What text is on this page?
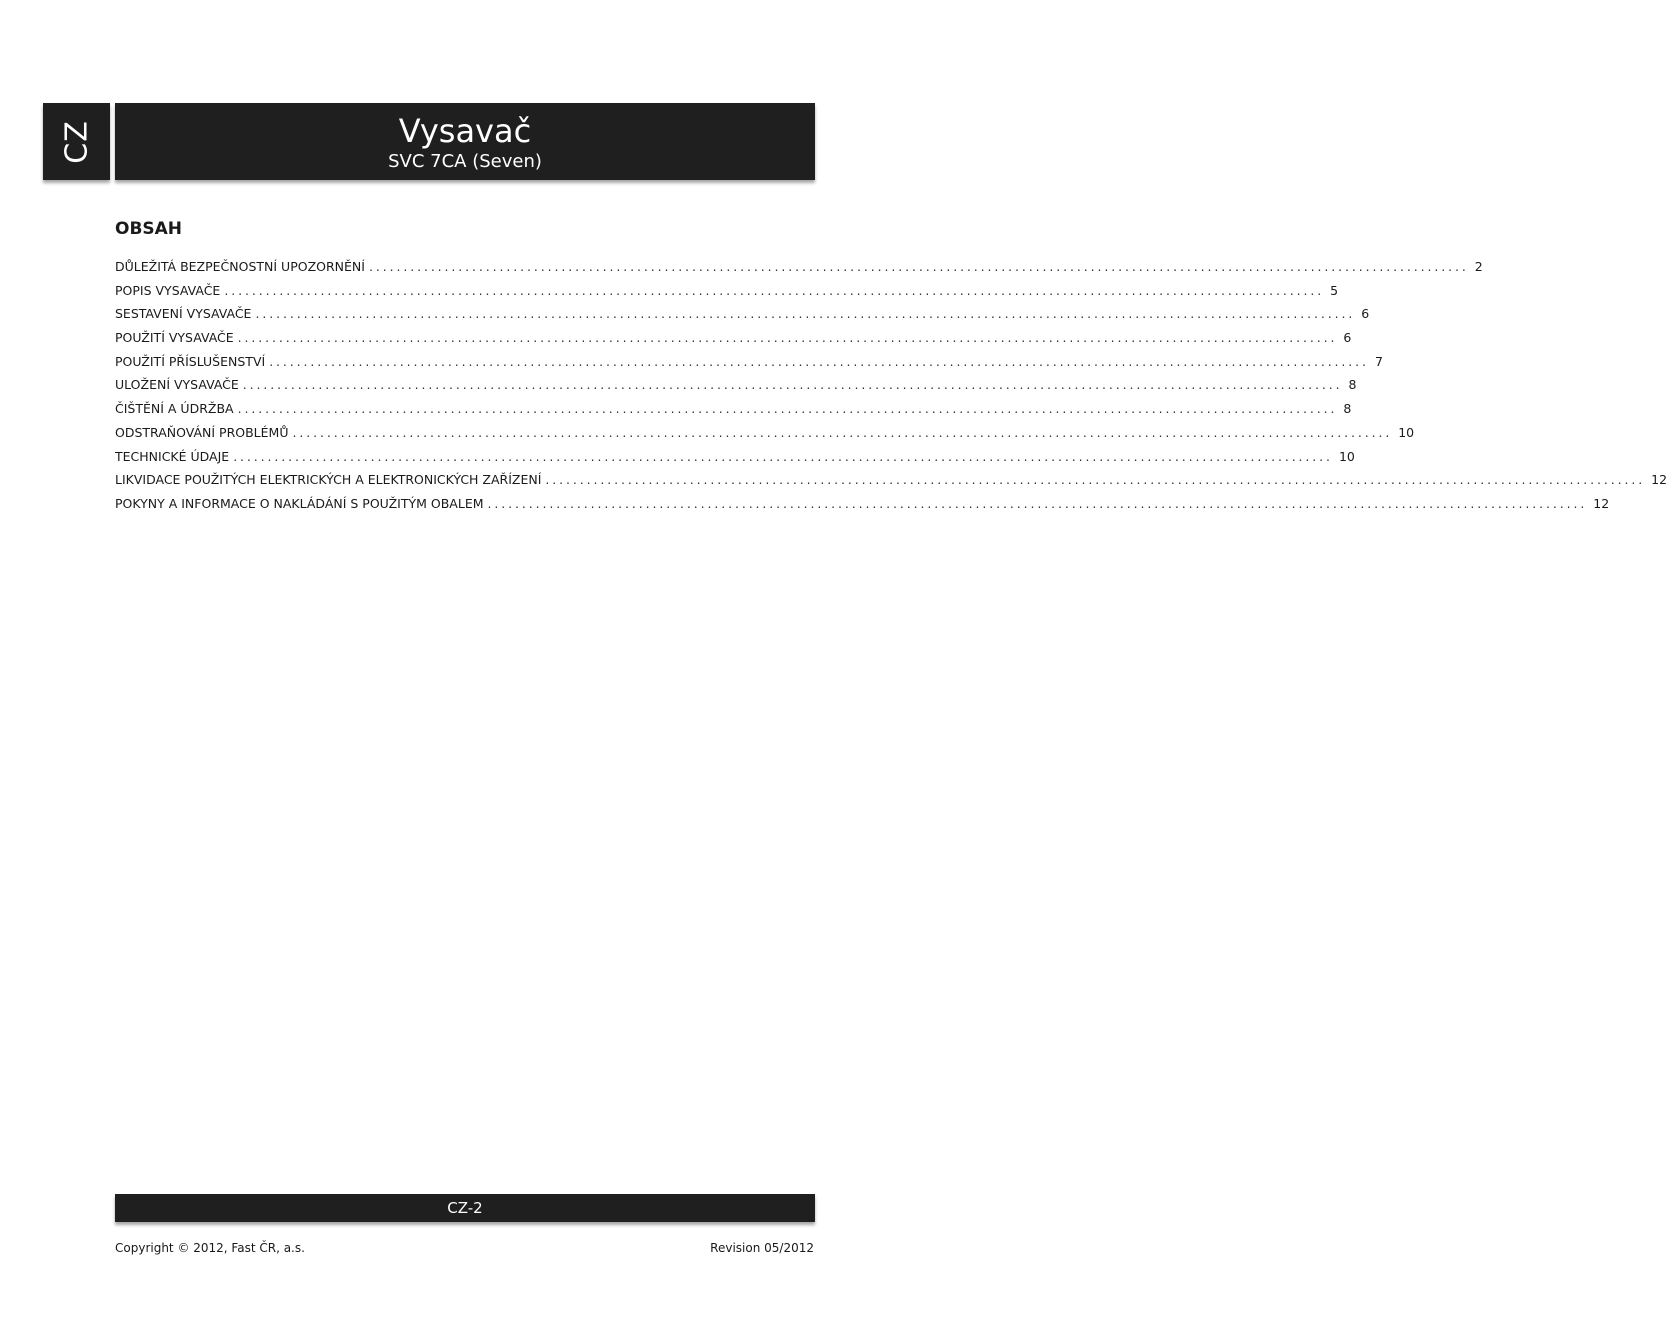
CZ	Vysavač
SVC 7CA (Seven)
OBSAH
DŮLEŽITÁ BEZPEČNOSTNÍ UPOZORNĚNÍ ................................................................................................................................................................ 2
POPIS VYSAVAČE ................................................................................................................................................................ 5
SESTAVENÍ VYSAVAČE ................................................................................................................................................................ 6
POUŽITÍ VYSAVAČE ................................................................................................................................................................ 6
POUŽITÍ PŘÍSLUŠENSTVÍ ................................................................................................................................................................ 7
ULOŽENÍ VYSAVAČE ................................................................................................................................................................ 8
ČIŠTĚNÍ A ÚDRŽBA ................................................................................................................................................................ 8
ODSTRAŇOVÁNÍ PROBLÉMŮ ................................................................................................................................................................ 10
TECHNICKÉ ÚDAJE ................................................................................................................................................................ 10
LIKVIDACE POUŽITÝCH ELEKTRICKÝCH A ELEKTRONICKÝCH ZAŘÍZENÍ ................................................................................................................................................................ 12
POKYNY A INFORMACE O NAKLÁDÁNÍ S POUŽITÝM OBALEM ................................................................................................................................................................ 12
CZ-2
Copyright © 2012, Fast ČR, a.s.	Revision 05/2012
